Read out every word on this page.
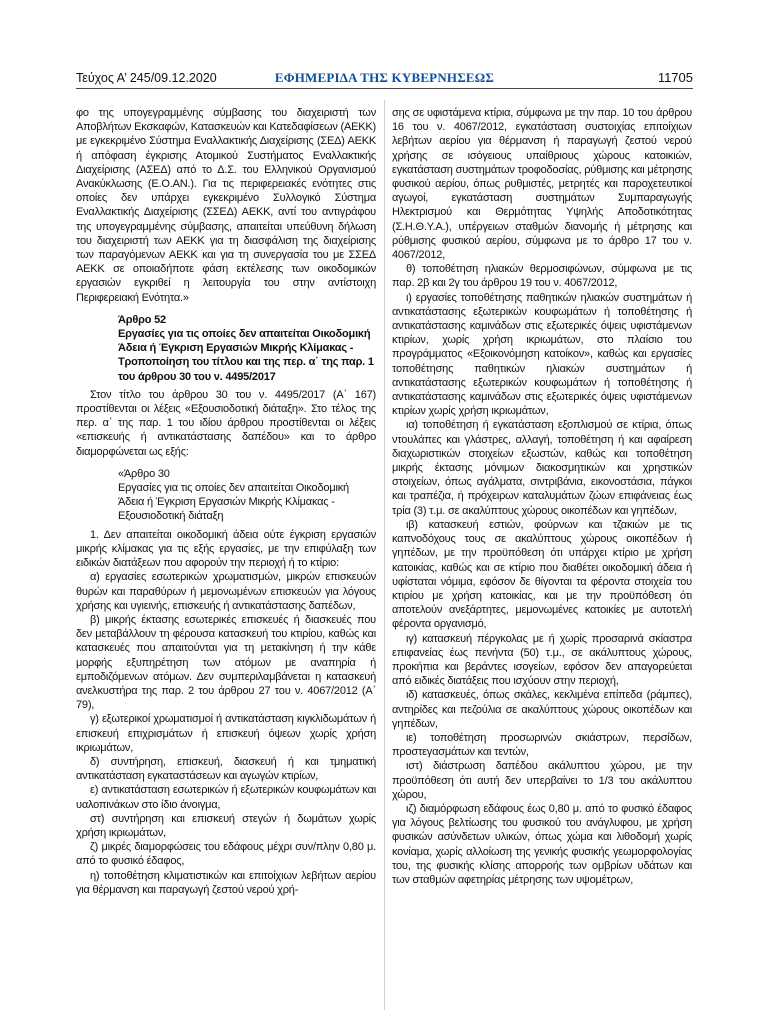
Τεύχος Α’ 245/09.12.2020	ΕΦΗΜΕΡΙΔΑ ΤΗΣ ΚΥΒΕΡΝΗΣΕΩΣ	11705

φο της υπογεγραμμένης σύμβασης του διαχειριστή των Αποβλήτων Εκσκαφών, Κατασκευών και Κατεδαφίσεων (ΑΕΚΚ) με εγκεκριμένο Σύστημα Εναλλακτικής Διαχείρισης (ΣΕΔ) ΑΕΚΚ ή απόφαση έγκρισης Ατομικού Συστήματος Εναλλακτικής Διαχείρισης (ΑΣΕΔ) από το Δ.Σ. του Ελληνικού Οργανισμού Ανακύκλωσης (Ε.Ο.ΑΝ.). Για τις περιφερειακές ενότητες στις οποίες δεν υπάρχει εγκεκριμένο Συλλογικό Σύστημα Εναλλακτικής Διαχείρισης (ΣΣΕΔ) ΑΕΚΚ, αντί του αντιγράφου της υπογεγραμμένης σύμβασης, απαιτείται υπεύθυνη δήλωση του διαχειριστή των ΑΕΚΚ για τη διασφάλιση της διαχείρισης των παραγόμενων ΑΕΚΚ και για τη συνεργασία του με ΣΣΕΔ ΑΕΚΚ σε οποιαδήποτε φάση εκτέλεσης των οικοδομικών εργασιών εγκριθεί η λειτουργία του στην αντίστοιχη Περιφερειακή Ενότητα.»

Άρθρο 52
Εργασίες για τις οποίες δεν απαιτείται Οικοδομική Άδεια ή Έγκριση Εργασιών Μικρής Κλίμακας - Τροποποίηση του τίτλου και της περ. α΄ της παρ. 1 του άρθρου 30 του ν. 4495/2017

Στον τίτλο του άρθρου 30 του ν. 4495/2017 (Α΄ 167) προστίθενται οι λέξεις «Εξουσιοδοτική διάταξη». Στο τέλος της περ. α΄ της παρ. 1 του ιδίου άρθρου προστίθενται οι λέξεις «επισκευής ή αντικατάστασης δαπέδου» και το άρθρο διαμορφώνεται ως εξής:

«Άρθρο 30
Εργασίες για τις οποίες δεν απαιτείται Οικοδομική Άδεια ή Έγκριση Εργασιών Μικρής Κλίμακας - Εξουσιοδοτική διάταξη

1. Δεν απαιτείται οικοδομική άδεια ούτε έγκριση εργασιών μικρής κλίμακας για τις εξής εργασίες, με την επιφύλαξη των ειδικών διατάξεων που αφορούν την περιοχή ή το κτίριο:

α) εργασίες εσωτερικών χρωματισμών, μικρών επισκευών θυρών και παραθύρων ή μεμονωμένων επισκευών για λόγους χρήσης και υγιεινής, επισκευής ή αντικατάστασης δαπέδων,

β) μικρής έκτασης εσωτερικές επισκευές ή διασκευές που δεν μεταβάλλουν τη φέρουσα κατασκευή του κτιρίου, καθώς και κατασκευές που απαιτούνται για τη μετακίνηση ή την κάθε μορφής εξυπηρέτηση των ατόμων με αναπηρία ή εμποδιζόμενων ατόμων. Δεν συμπεριλαμβάνεται η κατασκευή ανελκυστήρα της παρ. 2 του άρθρου 27 του ν. 4067/2012 (Α΄ 79),

γ) εξωτερικοί χρωματισμοί ή αντικατάσταση κιγκλιδωμάτων ή επισκευή επιχρισμάτων ή επισκευή όψεων χωρίς χρήση ικριωμάτων,

δ) συντήρηση, επισκευή, διασκευή ή και τμηματική αντικατάσταση εγκαταστάσεων και αγωγών κτιρίων,

ε) αντικατάσταση εσωτερικών ή εξωτερικών κουφωμάτων και υαλοπινάκων στο ίδιο άνοιγμα,

στ) συντήρηση και επισκευή στεγών ή δωμάτων χωρίς χρήση ικριωμάτων,

ζ) μικρές διαμορφώσεις του εδάφους μέχρι συν/πλην 0,80 μ. από το φυσικό έδαφος,

η) τοποθέτηση κλιματιστικών και επιτοίχιων λεβήτων αερίου για θέρμανση και παραγωγή ζεστού νερού χρή-

σης σε υφιστάμενα κτίρια, σύμφωνα με την παρ. 10 του άρθρου 16 του ν. 4067/2012, εγκατάσταση συστοιχίας επιτοίχιων λεβήτων αερίου για θέρμανση ή παραγωγή ζεστού νερού χρήσης σε ισόγειους υπαίθριους χώρους κατοικιών, εγκατάσταση συστημάτων τροφοδοσίας, ρύθμισης και μέτρησης φυσικού αερίου, όπως ρυθμιστές, μετρητές και παροχετευτικοί αγωγοί, εγκατάσταση συστημάτων Συμπαραγωγής Ηλεκτρισμού και Θερμότητας Υψηλής Αποδοτικότητας (Σ.Η.Θ.Υ.Α.), υπέργειων σταθμών διανομής ή μέτρησης και ρύθμισης φυσικού αερίου, σύμφωνα με το άρθρο 17 του ν. 4067/2012,

θ) τοποθέτηση ηλιακών θερμοσιφώνων, σύμφωνα με τις παρ. 2β και 2γ του άρθρου 19 του ν. 4067/2012,

ι) εργασίες τοποθέτησης παθητικών ηλιακών συστημάτων ή αντικατάστασης εξωτερικών κουφωμάτων ή τοποθέτησης ή αντικατάστασης καμινάδων στις εξωτερικές όψεις υφιστάμενων κτιρίων, χωρίς χρήση ικριωμάτων, στο πλαίσιο του προγράμματος «Εξοικονόμηση κατοίκον», καθώς και εργασίες τοποθέτησης παθητικών ηλιακών συστημάτων ή αντικατάστασης εξωτερικών κουφωμάτων ή τοποθέτησης ή αντικατάστασης καμινάδων στις εξωτερικές όψεις υφιστάμενων κτιρίων χωρίς χρήση ικριωμάτων,

ια) τοποθέτηση ή εγκατάσταση εξοπλισμού σε κτίρια, όπως ντουλάπες και γλάστρες, αλλαγή, τοποθέτηση ή και αφαίρεση διαχωριστικών στοιχείων εξωστών, καθώς και τοποθέτηση μικρής έκτασης μόνιμων διακοσμητικών και χρηστικών στοιχείων, όπως αγάλματα, σιντριβάνια, εικονοστάσια, πάγκοι και τραπέζια, ή πρόχειρων καταλυμάτων ζώων επιφάνειας έως τρία (3) τ.μ. σε ακαλύπτους χώρους οικοπέδων και γηπέδων,

ιβ) κατασκευή εστιών, φούρνων και τζακιών με τις καπνοδόχους τους σε ακαλύπτους χώρους οικοπέδων ή γηπέδων, με την προϋπόθεση ότι υπάρχει κτίριο με χρήση κατοικίας, καθώς και σε κτίριο που διαθέτει οικοδομική άδεια ή υφίσταται νόμιμα, εφόσον δε θίγονται τα φέροντα στοιχεία του κτιρίου με χρήση κατοικίας, και με την προϋπόθεση ότι αποτελούν ανεξάρτητες, μεμονωμένες κατοικίες με αυτοτελή φέροντα οργανισμό,

ιγ) κατασκευή πέργκολας με ή χωρίς προσαρινά σκίαστρα επιφανείας έως πενήντα (50) τ.μ., σε ακάλυπτους χώρους, προκήπια και βεράντες ισογείων, εφόσον δεν απαγορεύεται από ειδικές διατάξεις που ισχύουν στην περιοχή,

ιδ) κατασκευές, όπως σκάλες, κεκλιμένα επίπεδα (ράμπες), αντηρίδες και πεζούλια σε ακαλύπτους χώρους οικοπέδων και γηπέδων,

ιε) τοποθέτηση προσωρινών σκιάστρων, περσίδων, προστεγασμάτων και τεντών,

ιστ) διάστρωση δαπέδου ακάλυπτου χώρου, με την προϋπόθεση ότι αυτή δεν υπερβαίνει το 1/3 του ακάλυπτου χώρου,

ιζ) διαμόρφωση εδάφους έως 0,80 μ. από το φυσικό έδαφος για λόγους βελτίωσης του φυσικού του ανάγλυφου, με χρήση φυσικών ασύνδετων υλικών, όπως χώμα και λιθοδομή χωρίς κονίαμα, χωρίς αλλοίωση της γενικής φυσικής γεωμορφολογίας του, της φυσικής κλίσης απορροής των ομβρίων υδάτων και των σταθμών αφετηρίας μέτρησης των υψομέτρων,
